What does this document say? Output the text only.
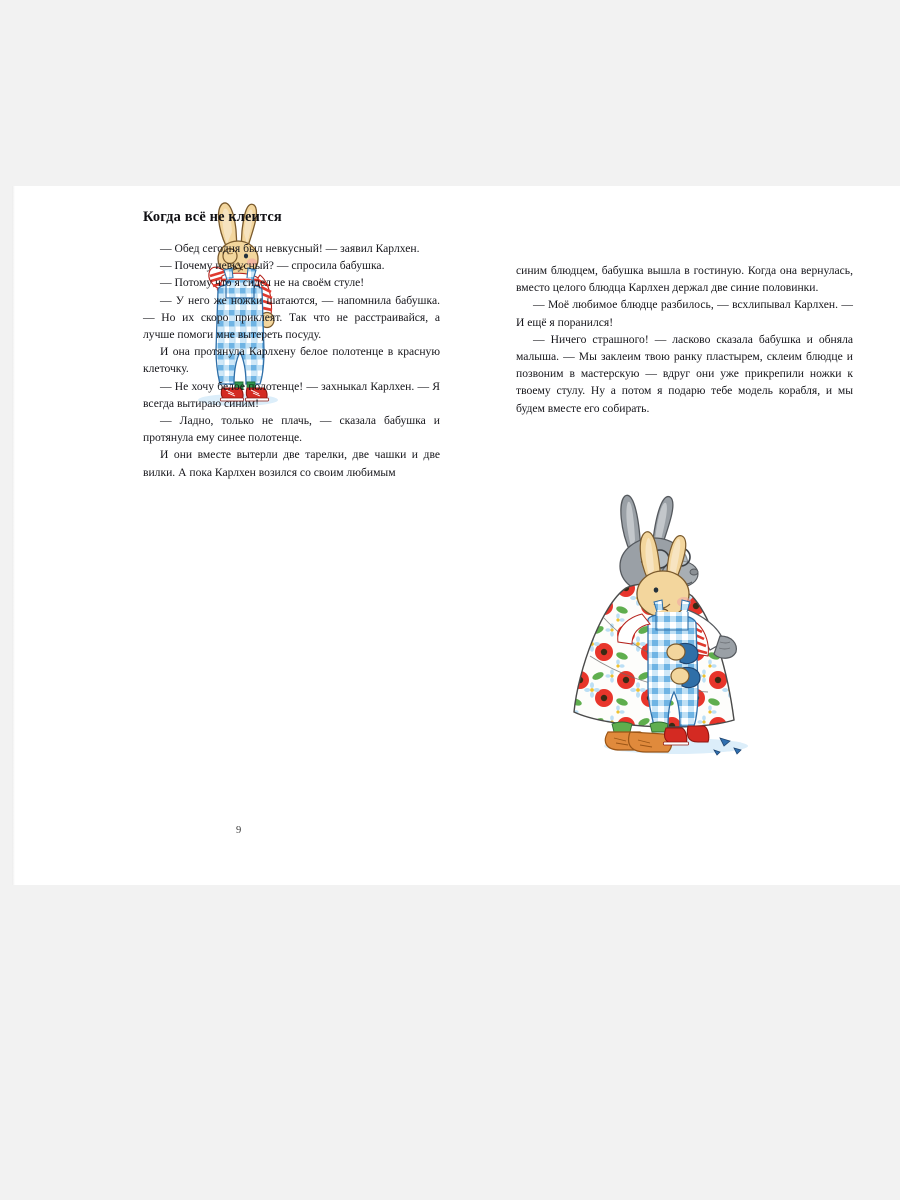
Когда всё не клеится

— Обед сегодня был невкусный! — заявил Карлхен.

— Почему невкусный? — спросила бабушка.

— Потому что я сидел не на своём стуле!

— У него же ножки шатаются, — напомнила бабушка. — Но их скоро приклеят. Так что не расстраивайся, а лучше помоги мне вытереть посуду.

И она протянула Карлхену белое полотенце в красную клеточку.

— Не хочу белое полотенце! — захныкал Карлхен. — Я всегда вытираю синим!

— Ладно, только не плачь, — сказала бабушка и протянула ему синее полотенце.

И они вместе вытерли две тарелки, две чашки и две вилки. А пока Карлхен возился со своим любимым

синим блюдцем, бабушка вышла в гостиную. Когда она вернулась, вместо целого блюдца Карлхен держал две синие половинки.

— Моё любимое блюдце разбилось, — всхлипывал Карлхен. — И ещё я поранился!

— Ничего страшного! — ласково сказала бабушка и обняла малыша. — Мы заклеим твою ранку пластырем, склеим блюдце и позвоним в мастерскую — вдруг они уже прикрепили ножки к твоему стулу. Ну а потом я подарю тебе модель корабля, и мы будем вместе его собирать.

9
